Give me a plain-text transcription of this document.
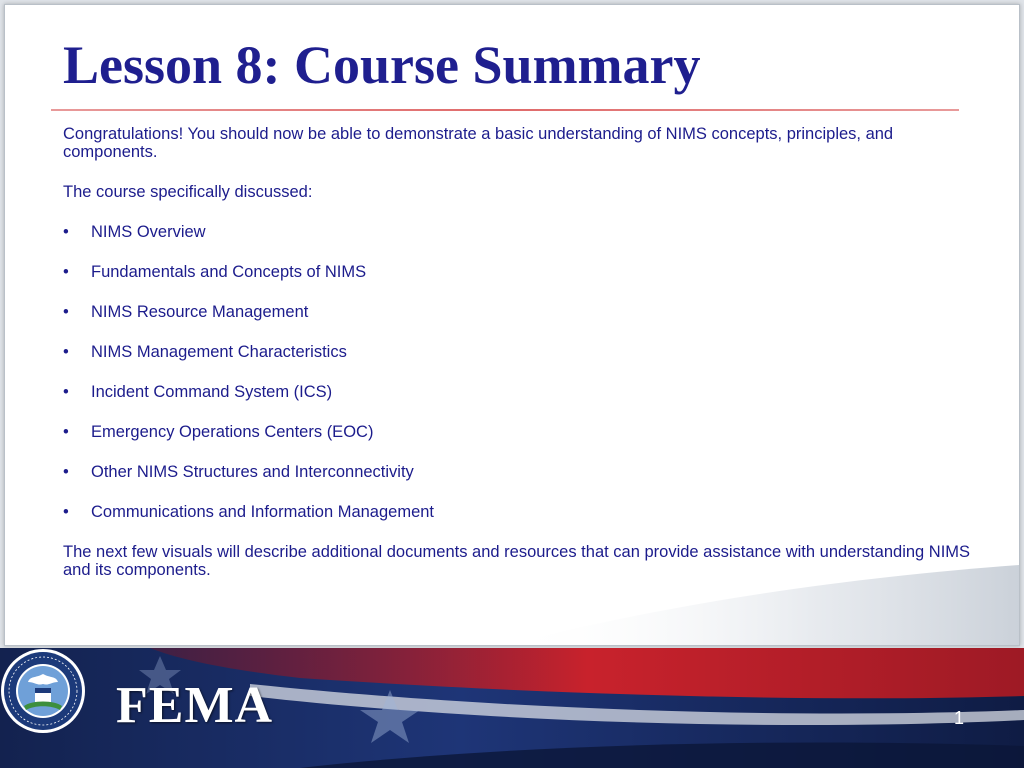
Lesson 8: Course Summary

Congratulations! You should now be able to demonstrate a basic understanding of NIMS concepts, principles, and components.

The course specifically discussed:

• NIMS Overview
• Fundamentals and Concepts of NIMS
• NIMS Resource Management
• NIMS Management Characteristics
• Incident Command System (ICS)
• Emergency Operations Centers (EOC)
• Other NIMS Structures and Interconnectivity
• Communications and Information Management

The next few visuals will describe additional documents and resources that can provide assistance with understanding NIMS and its components.

FEMA	1
